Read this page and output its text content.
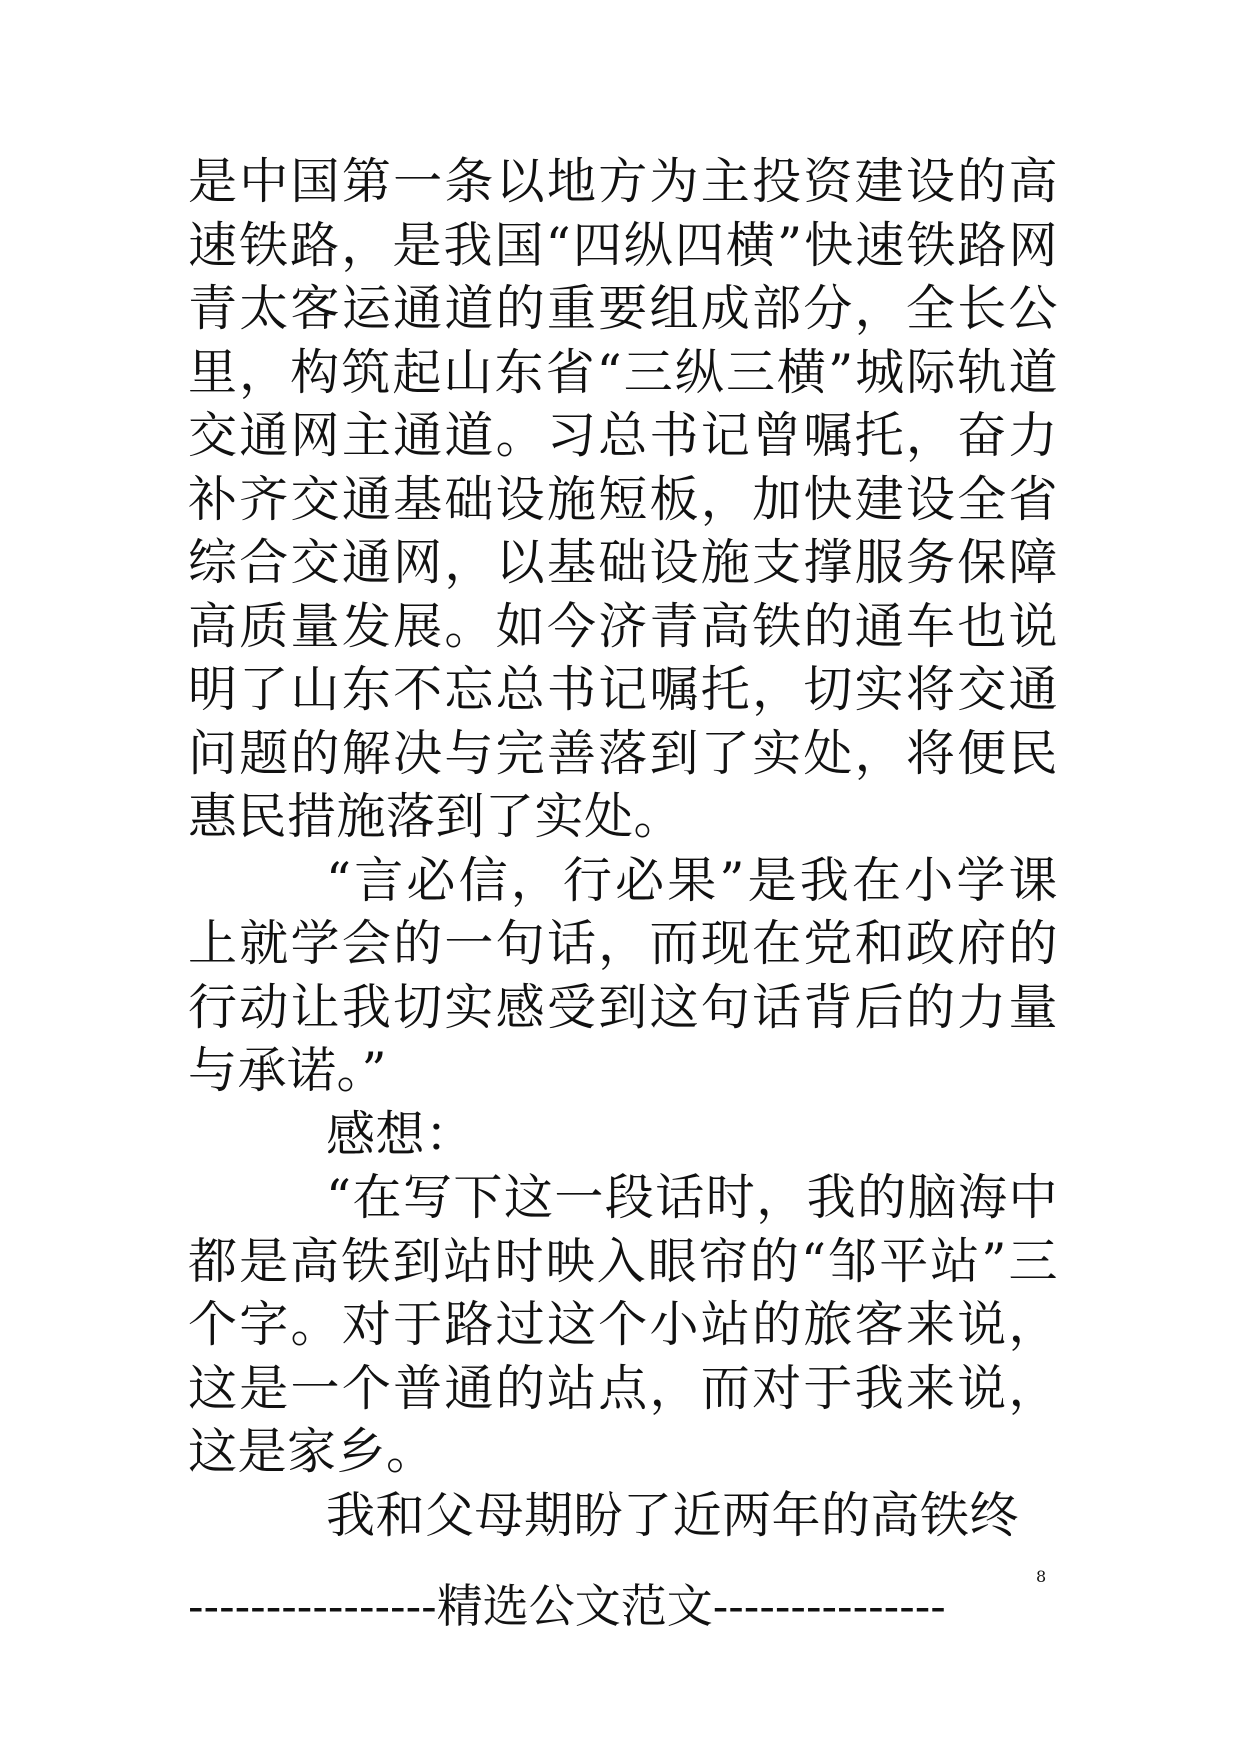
是中国第一条以地方为主投资建设的高速铁路，是我国“四纵四横”快速铁路网青太客运通道的重要组成部分，全长公里，构筑起山东省“三纵三横”城际轨道交通网主通道。习总书记曾嘱托，奋力补齐交通基础设施短板，加快建设全省综合交通网，以基础设施支撑服务保障高质量发展。如今济青高铁的通车也说明了山东不忘总书记嘱托，切实将交通问题的解决与完善落到了实处，将便民惠民措施落到了实处。

“言必信，行必果”是我在小学课上就学会的一句话，而现在党和政府的行动让我切实感受到这句话背后的力量与承诺。”

感想：

“在写下这一段话时，我的脑海中都是高铁到站时映入眼帘的“邹平站”三个字。对于路过这个小站的旅客来说，这是一个普通的站点，而对于我来说，这是家乡。

我和父母期盼了近两年的高铁终

8
----------------精选公文范文---------------
